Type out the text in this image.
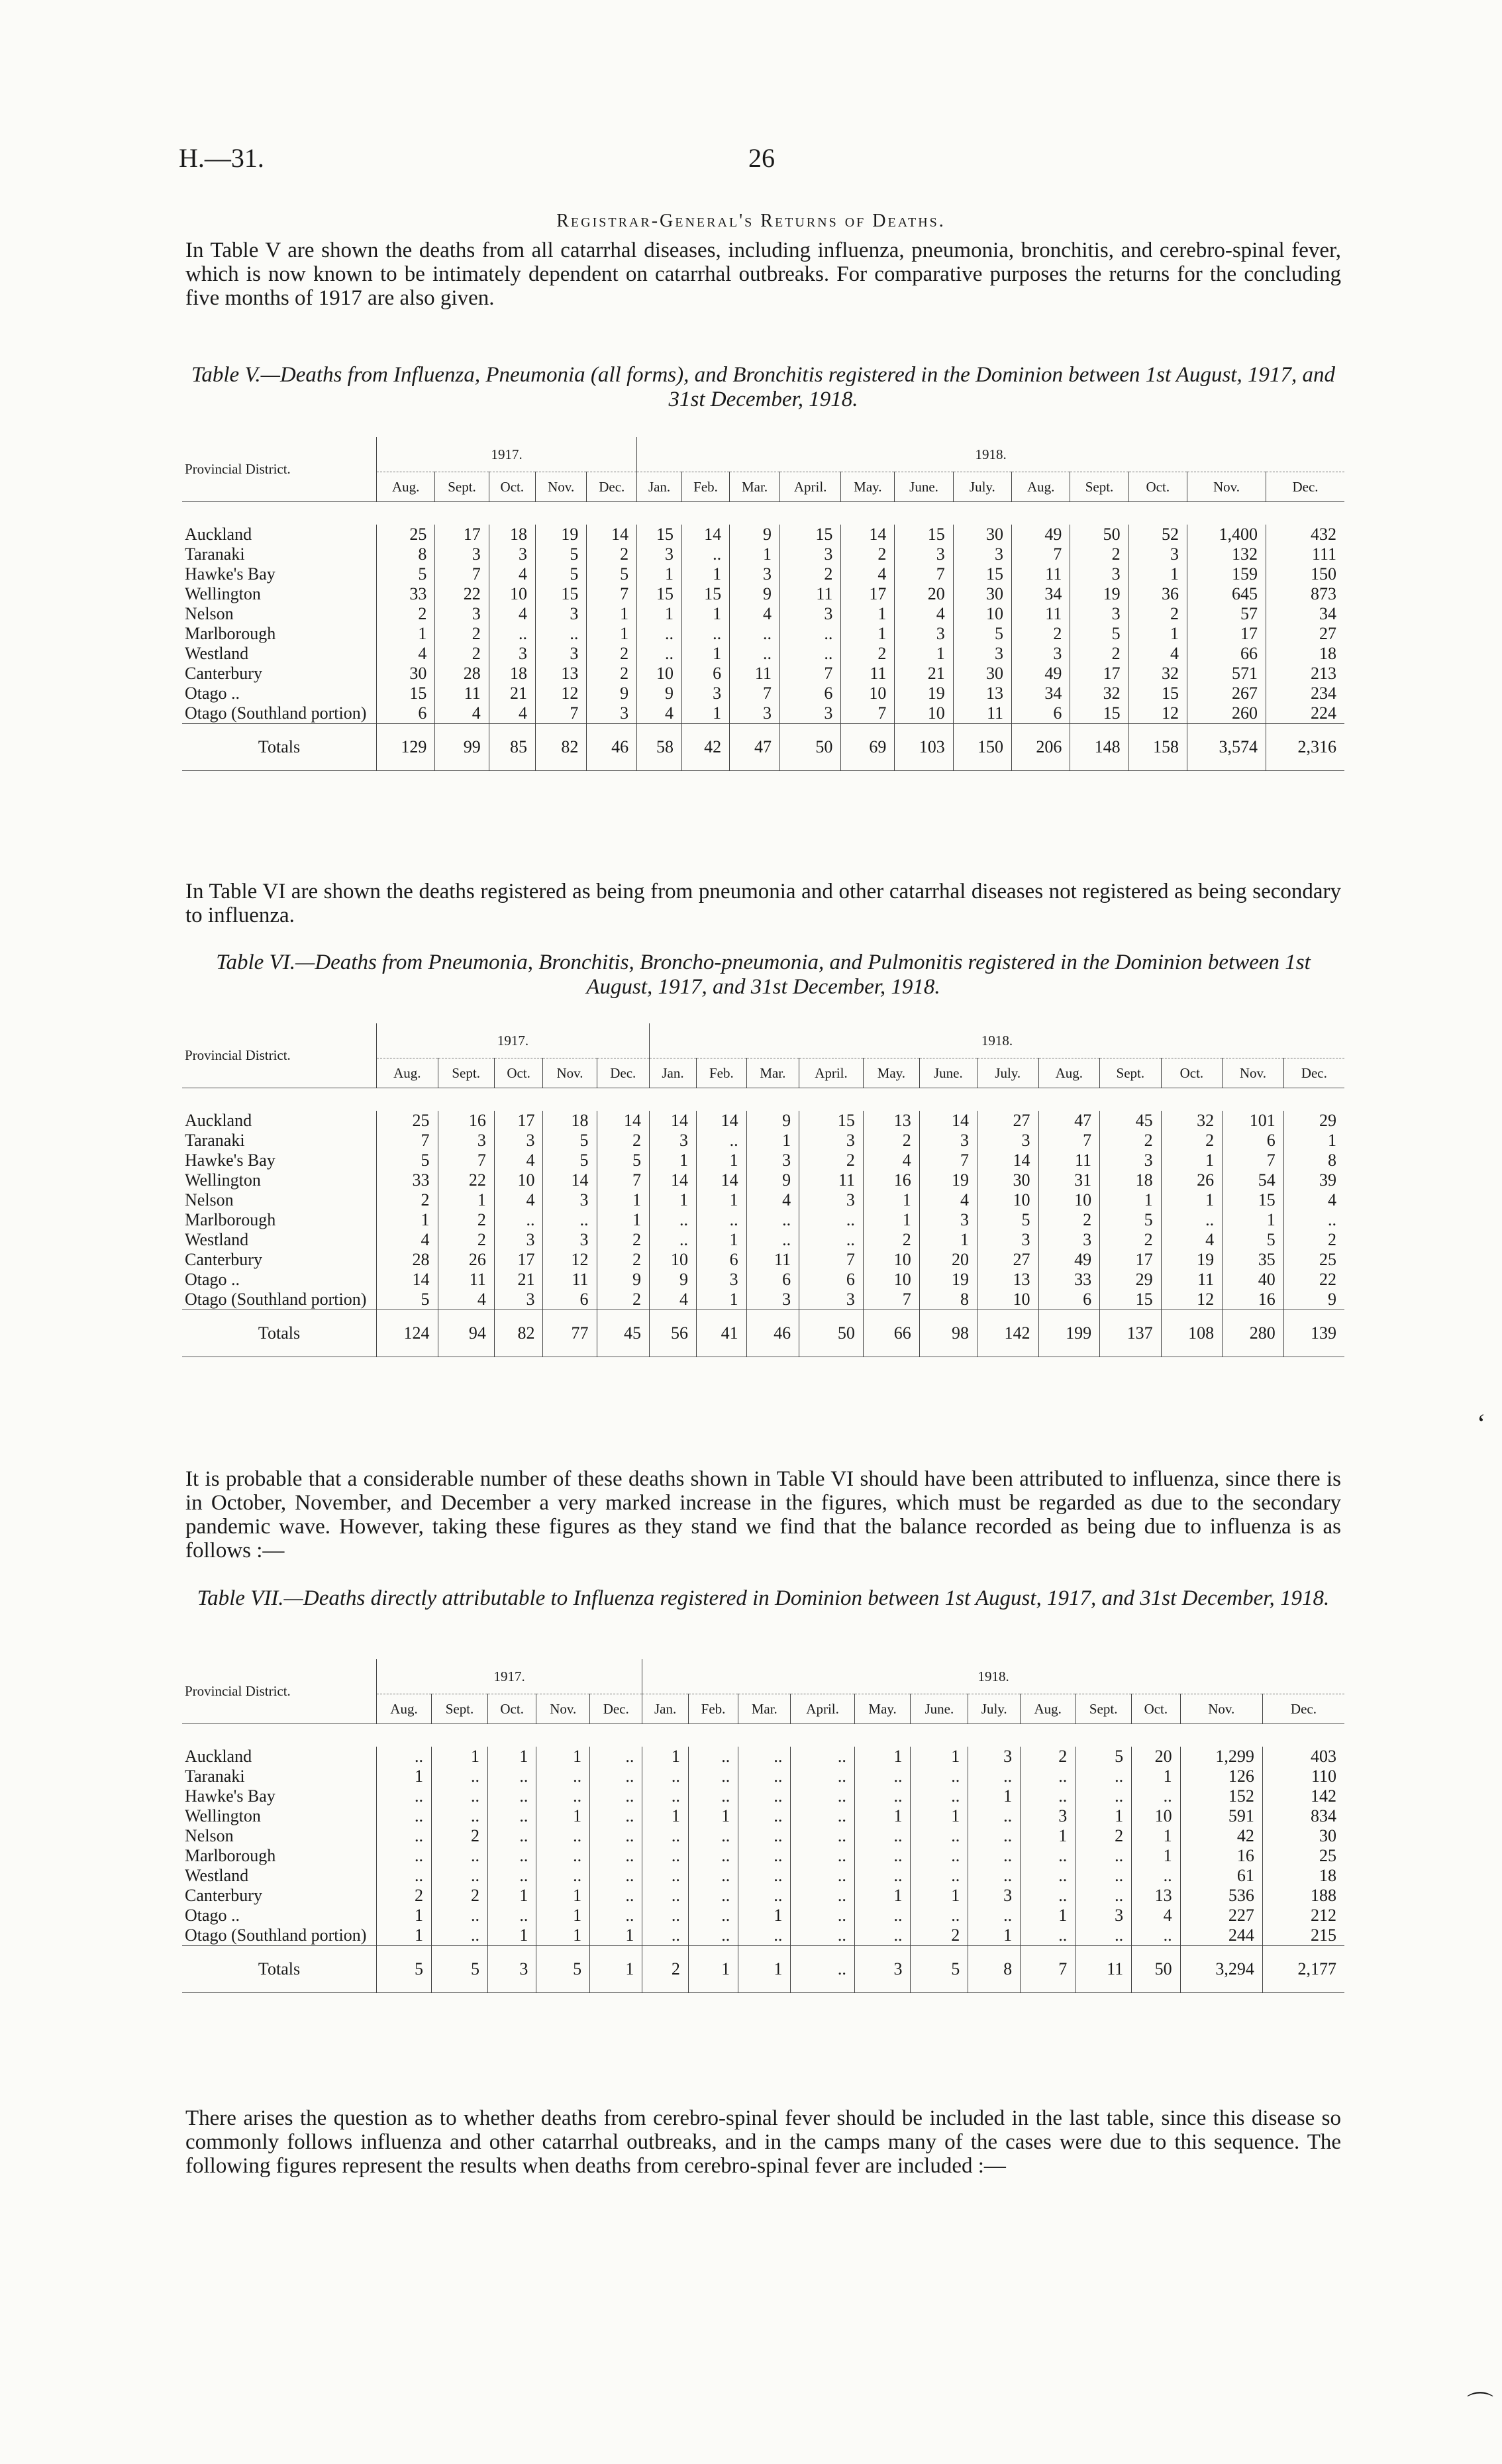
H.—31.	26
Registrar-General's Returns of Deaths.
In Table V are shown the deaths from all catarrhal diseases, including influenza, pneumonia, bronchitis, and cerebro-spinal fever, which is now known to be intimately dependent on catarrhal outbreaks. For comparative purposes the returns for the concluding five months of 1917 are also given.
Table V.—Deaths from Influenza, Pneumonia (all forms), and Bronchitis registered in the Dominion between 1st August, 1917, and 31st December, 1918.
Provincial District.	1917.					1918.											
	Aug.	Sept.	Oct.	Nov.	Dec.	Jan.	Feb.	Mar.	April.	May.	June.	July.	Aug.	Sept.	Oct.	Nov.	Dec.

Auckland	25	17	18	19	14	15	14	9	15	14	15	30	49	50	52	1,400	432
Taranaki	8	3	3	5	2	3	..	1	3	2	3	3	7	2	3	132	111
Hawke's Bay	5	7	4	5	5	1	1	3	2	4	7	15	11	3	1	159	150
Wellington	33	22	10	15	7	15	15	9	11	17	20	30	34	19	36	645	873
Nelson	2	3	4	3	1	1	1	4	3	1	4	10	11	3	2	57	34
Marlborough	1	2	..	..	1	..	..	..	..	1	3	5	2	5	1	17	27
Westland	4	2	3	3	2	..	1	..	..	2	1	3	3	2	4	66	18
Canterbury	30	28	18	13	2	10	6	11	7	11	21	30	49	17	32	571	213
Otago ..	15	11	21	12	9	9	3	7	6	10	19	13	34	32	15	267	234
Otago (Southland portion)	6	4	4	7	3	4	1	3	3	7	10	11	6	15	12	260	224
Totals	129	99	85	82	46	58	42	47	50	69	103	150	206	148	158	3,574	2,316
In Table VI are shown the deaths registered as being from pneumonia and other catarrhal diseases not registered as being secondary to influenza.
Table VI.—Deaths from Pneumonia, Bronchitis, Broncho-pneumonia, and Pulmonitis registered in the Dominion between 1st August, 1917, and 31st December, 1918.
Provincial District.	1917.					1918.											
	Aug.	Sept.	Oct.	Nov.	Dec.	Jan.	Feb.	Mar.	April.	May.	June.	July.	Aug.	Sept.	Oct.	Nov.	Dec.

Auckland	25	16	17	18	14	14	14	9	15	13	14	27	47	45	32	101	29
Taranaki	7	3	3	5	2	3	..	1	3	2	3	3	7	2	2	6	1
Hawke's Bay	5	7	4	5	5	1	1	3	2	4	7	14	11	3	1	7	8
Wellington	33	22	10	14	7	14	14	9	11	16	19	30	31	18	26	54	39
Nelson	2	1	4	3	1	1	1	4	3	1	4	10	10	1	1	15	4
Marlborough	1	2	..	..	1	..	..	..	..	1	3	5	2	5	..	1	..
Westland	4	2	3	3	2	..	1	..	..	2	1	3	3	2	4	5	2
Canterbury	28	26	17	12	2	10	6	11	7	10	20	27	49	17	19	35	25
Otago ..	14	11	21	11	9	9	3	6	6	10	19	13	33	29	11	40	22
Otago (Southland portion)	5	4	3	6	2	4	1	3	3	7	8	10	6	15	12	16	9
Totals	124	94	82	77	45	56	41	46	50	66	98	142	199	137	108	280	139
It is probable that a considerable number of these deaths shown in Table VI should have been attributed to influenza, since there is in October, November, and December a very marked increase in the figures, which must be regarded as due to the secondary pandemic wave. However, taking these figures as they stand we find that the balance recorded as being due to influenza is as follows :—
Table VII.—Deaths directly attributable to Influenza registered in Dominion between 1st August, 1917, and 31st December, 1918.
Provincial District.	1917.					1918.											
	Aug.	Sept.	Oct.	Nov.	Dec.	Jan.	Feb.	Mar.	April.	May.	June.	July.	Aug.	Sept.	Oct.	Nov.	Dec.

Auckland	..	1	1	1	..	1	..	..	..	1	1	3	2	5	20	1,299	403
Taranaki	1	..	..	..	..	..	..	..	..	..	..	..	..	..	1	126	110
Hawke's Bay	..	..	..	..	..	..	..	..	..	..	..	1	..	..	..	152	142
Wellington	..	..	..	1	..	1	1	..	..	1	1	..	3	1	10	591	834
Nelson	..	2	..	..	..	..	..	..	..	..	..	..	1	2	1	42	30
Marlborough	..	..	..	..	..	..	..	..	..	..	..	..	..	..	1	16	25
Westland	..	..	..	..	..	..	..	..	..	..	..	..	..	..	..	61	18
Canterbury	2	2	1	1	..	..	..	..	..	1	1	3	..	..	13	536	188
Otago ..	1	..	..	1	..	..	..	1	..	..	..	..	1	3	4	227	212
Otago (Southland portion)	1	..	1	1	1	..	..	..	..	..	2	1	..	..	..	244	215
Totals	5	5	3	5	1	2	1	1	..	3	5	8	7	11	50	3,294	2,177
There arises the question as to whether deaths from cerebro-spinal fever should be included in the last table, since this disease so commonly follows influenza and other catarrhal outbreaks, and in the camps many of the cases were due to this sequence. The following figures represent the results when deaths from cerebro-spinal fever are included :—
‘
⌒
